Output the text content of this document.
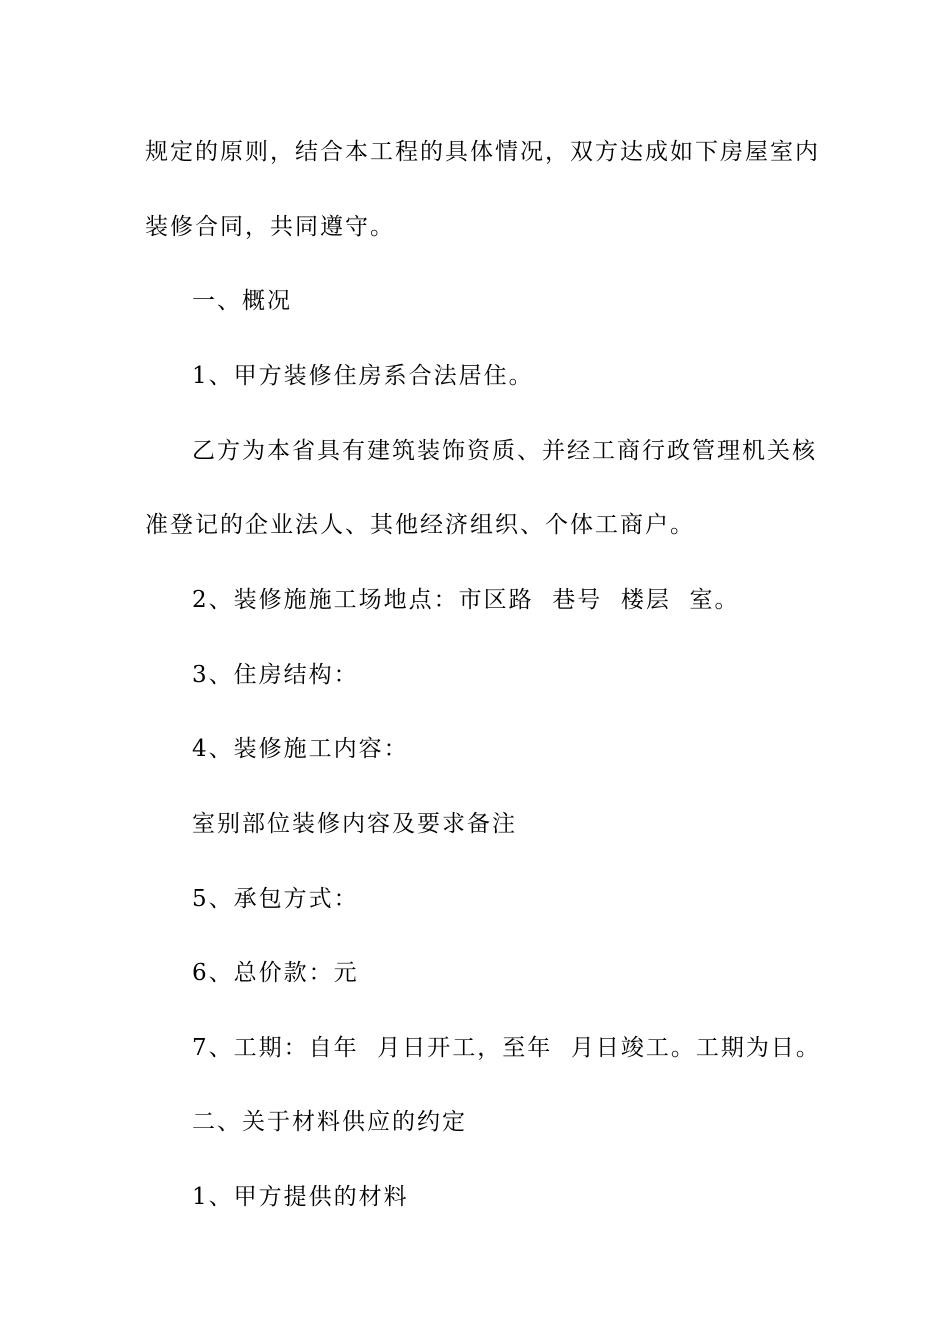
规定的原则，结合本工程的具体情况，双方达成如下房屋室内
装修合同，共同遵守。
一、概况
1、甲方装修住房系合法居住。
乙方为本省具有建筑装饰资质、并经工商行政管理机关核
准登记的企业法人、其他经济组织、个体工商户。
2、装修施施工场地点：市区路  巷号  楼层  室。
3、住房结构：
4、装修施工内容：
室别部位装修内容及要求备注
5、承包方式：
6、总价款：元
7、工期：自年  月日开工，至年  月日竣工。工期为日。
二、关于材料供应的约定
1、甲方提供的材料
